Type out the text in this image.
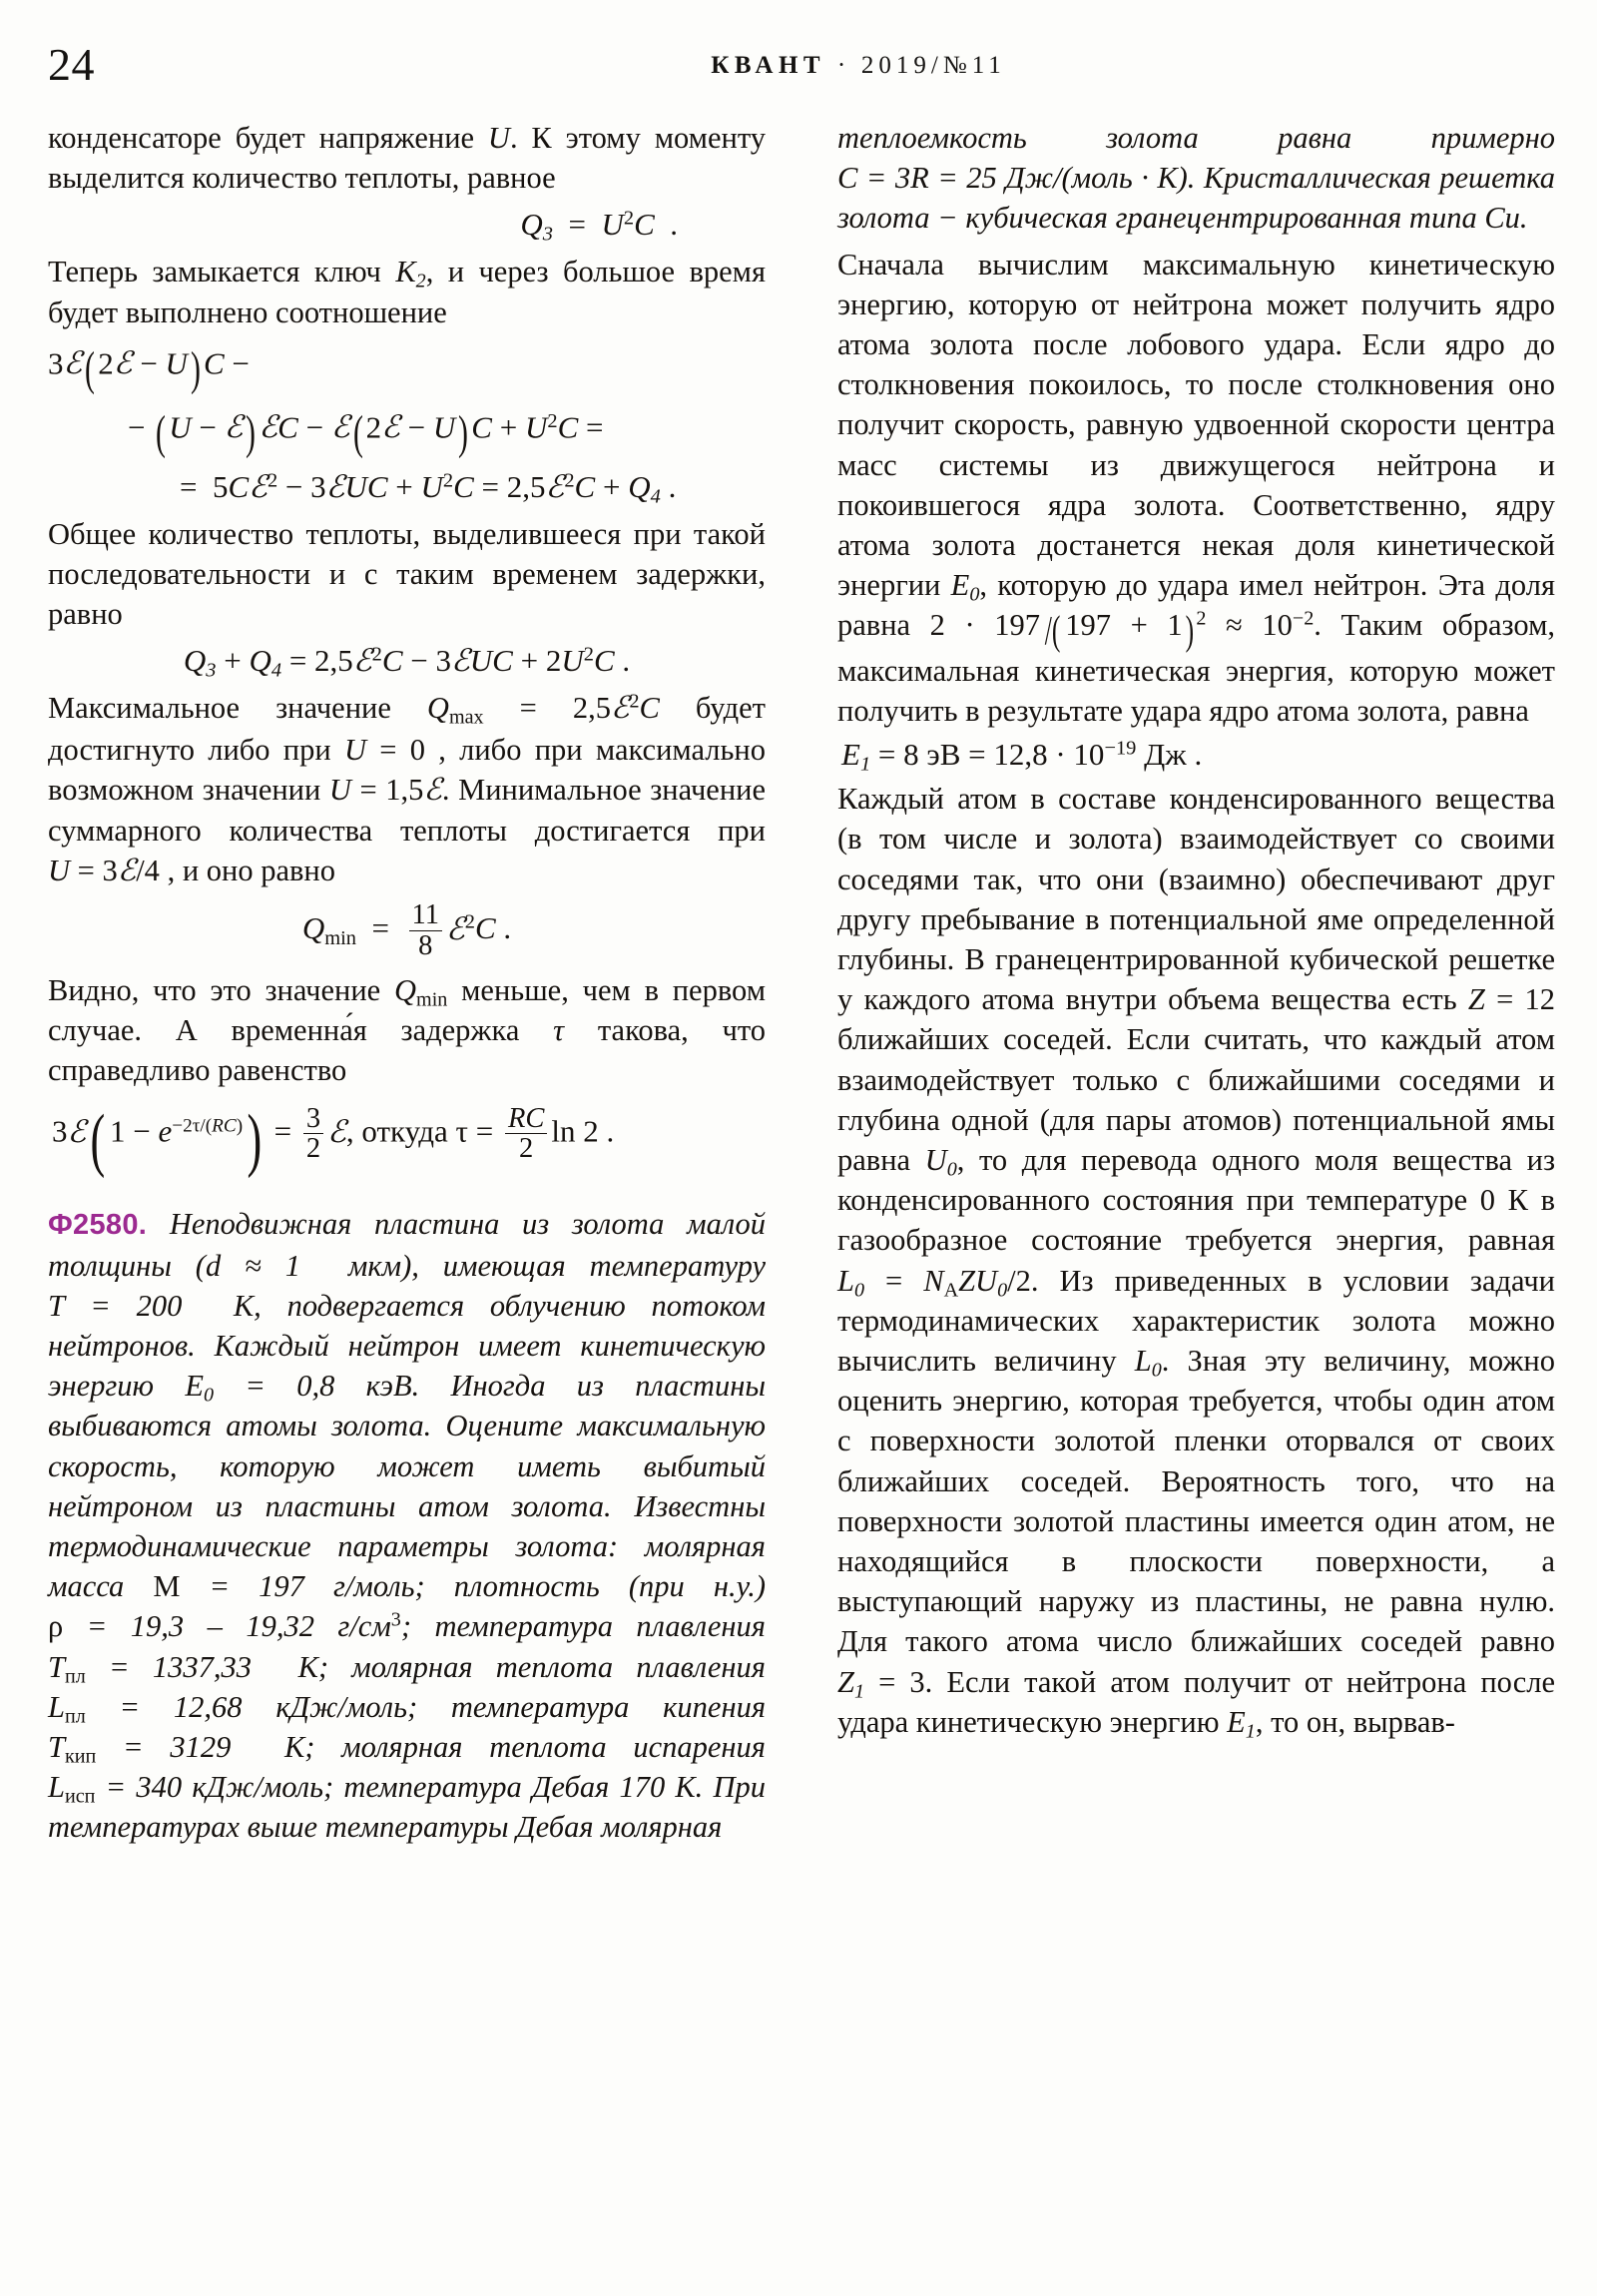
24	КВАНТ · 2019/№11

конденсаторе будет напряжение U. К этому моменту выделится количество теплоты, равное

$Q_3 = U^2C$  .

Теперь замыкается ключ $K_2$, и через большое время будет выполнено соотношение

3 ℰ (2ℰ − U)C −
− (U − ℰ) ℰ C − ℰ(2ℰ − $U)C + U^2C$ =
=  5C ℰ $^2$ − 3 ℰ UC + $U^2C = 2,5$ ℰ $^2C + Q_4$ .

Общее количество теплоты, выделившееся при такой последовательности и с таким временем задержки, равно

$Q_3 + Q_4 = 2,5$ ℰ $^2$C − 3 ℰ UC + $2U^2C$ .

Максимальное значение $Q_{max} = 2,5$ ℰ $^2$C будет достигнуто либо при U = 0 , либо при максимально возможном значении U = 1,5 ℰ . Минимальное значение суммарного количества теплоты достигается при U = 3 ℰ /4 , и оно равно

$Q_{min} = \frac{11}{8}$ ℰ $^2$C .

Видно, что это значение $Q_{min}$ меньше, чем в первом случае. А временна́я задержка τ такова, что справедливо равенство

3 ℰ ( $1 - e^{-2\tau/(RC)}) = \frac{3}{2}$ ℰ , откуда $\tau = \frac{RC}{2}$ ln 2 .

Ф2580. Неподвижная пластина из золота малой толщины (d ≈ 1  мкм), имеющая температуру T = 200  К, подвергается облучению потоком нейтронов. Каждый нейтрон имеет кинетическую энергию $E_0 = 0,8$ кэВ. Иногда из пластины выбиваются атомы золота. Оцените максимальную скорость, которую может иметь выбитый нейтроном из пластины атом золота. Известны термодинамические параметры золота: молярная масса М = 197 г/моль; плотность (при н.у.) ρ = 19,3 – 19,32 $г/см^3$; температура плавления $T_{пл} = 1337,33$  К; молярная теплота плавления $L_{пл} = 12,68$ кДж/моль; температура кипения $T_{кип} = 3129$  К; молярная теплота испарения $L_{исп} = 340$ кДж/моль; температура Дебая 170 К. При температурах выше температуры Дебая молярная

теплоемкость золота равна примерно C = 3R = 25 Дж/(моль · К). Кристаллическая решетка золота − кубическая гранецентрированная типа Cu.

Сначала вычислим максимальную кинетическую энергию, которую от нейтрона может получить ядро атома золота после лобового удара. Если ядро до столкновения покоилось, то после столкновения оно получит скорость, равную удвоенной скорости центра масс системы из движущегося нейтрона и покоившегося ядра золота. Соответственно, ядру атома золота достанется некая доля кинетической энергии $E_0$, которую до удара имел нейтрон. Эта доля равна 2 · 197 /( 197 + 1) $^2 \approx 10^{-2}$. Таким образом, максимальная кинетическая энергия, которую может получить в результате удара ядро атома золота, равна

$E_1 = 8$ эВ = $12,8 \cdot 10^{-19}$ Дж .

Каждый атом в составе конденсированного вещества (в том числе и золота) взаимодействует со своими соседями так, что они (взаимно) обеспечивают друг другу пребывание в потенциальной яме определенной глубины. В гранецентрированной кубической решетке у каждого атома внутри объема вещества есть Z = 12 ближайших соседей. Если считать, что каждый атом взаимодействует только с ближайшими соседями и глубина одной (для пары атомов) потенциальной ямы равна $U_0$, то для перевода одного моля вещества из конденсированного состояния при температуре 0 К в газообразное состояние требуется энергия, равная $L_0 = N_AZU_0/2$. Из приведенных в условии задачи термодинамических характеристик золота можно вычислить величину $L_0$. Зная эту величину, можно оценить энергию, которая требуется, чтобы один атом с поверхности золотой пленки оторвался от своих ближайших соседей. Вероятность того, что на поверхности золотой пластины имеется один атом, не находящийся в плоскости поверхности, а выступающий наружу из пластины, не равна нулю. Для такого атома число ближайших соседей равно $Z_1 = 3$. Если такой атом получит от нейтрона после удара кинетическую энергию $E_1$, то он, вырвав-
